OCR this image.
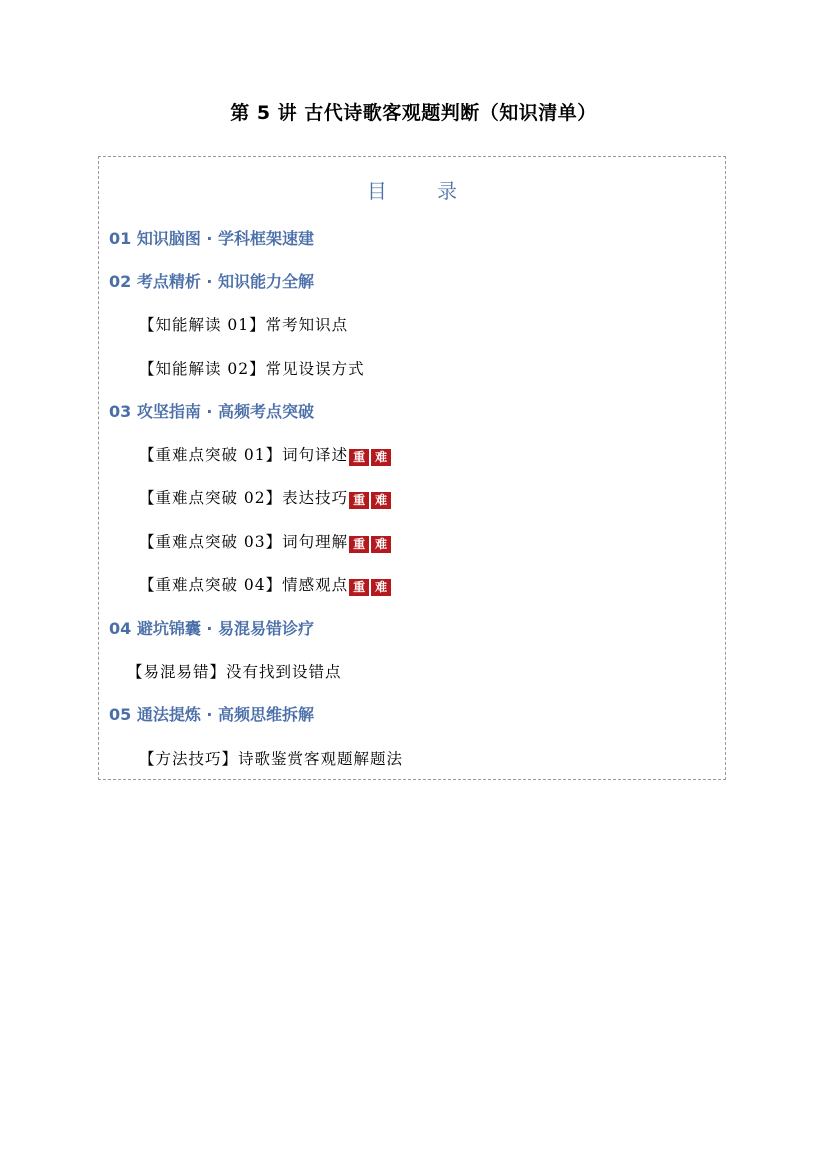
第 5 讲 古代诗歌客观题判断（知识清单）
目 录
01 知识脑图 · 学科框架速建
02 考点精析 · 知识能力全解
【知能解读 01】常考知识点
【知能解读 02】常见设误方式
03 攻坚指南 · 高频考点突破
【重难点突破 01】词句译述 重 难
【重难点突破 02】表达技巧 重 难
【重难点突破 03】词句理解 重 难
【重难点突破 04】情感观点 重 难
04 避坑锦囊 · 易混易错诊疗
【易混易错】没有找到设错点
05 通法提炼 · 高频思维拆解
【方法技巧】诗歌鉴赏客观题解题法
